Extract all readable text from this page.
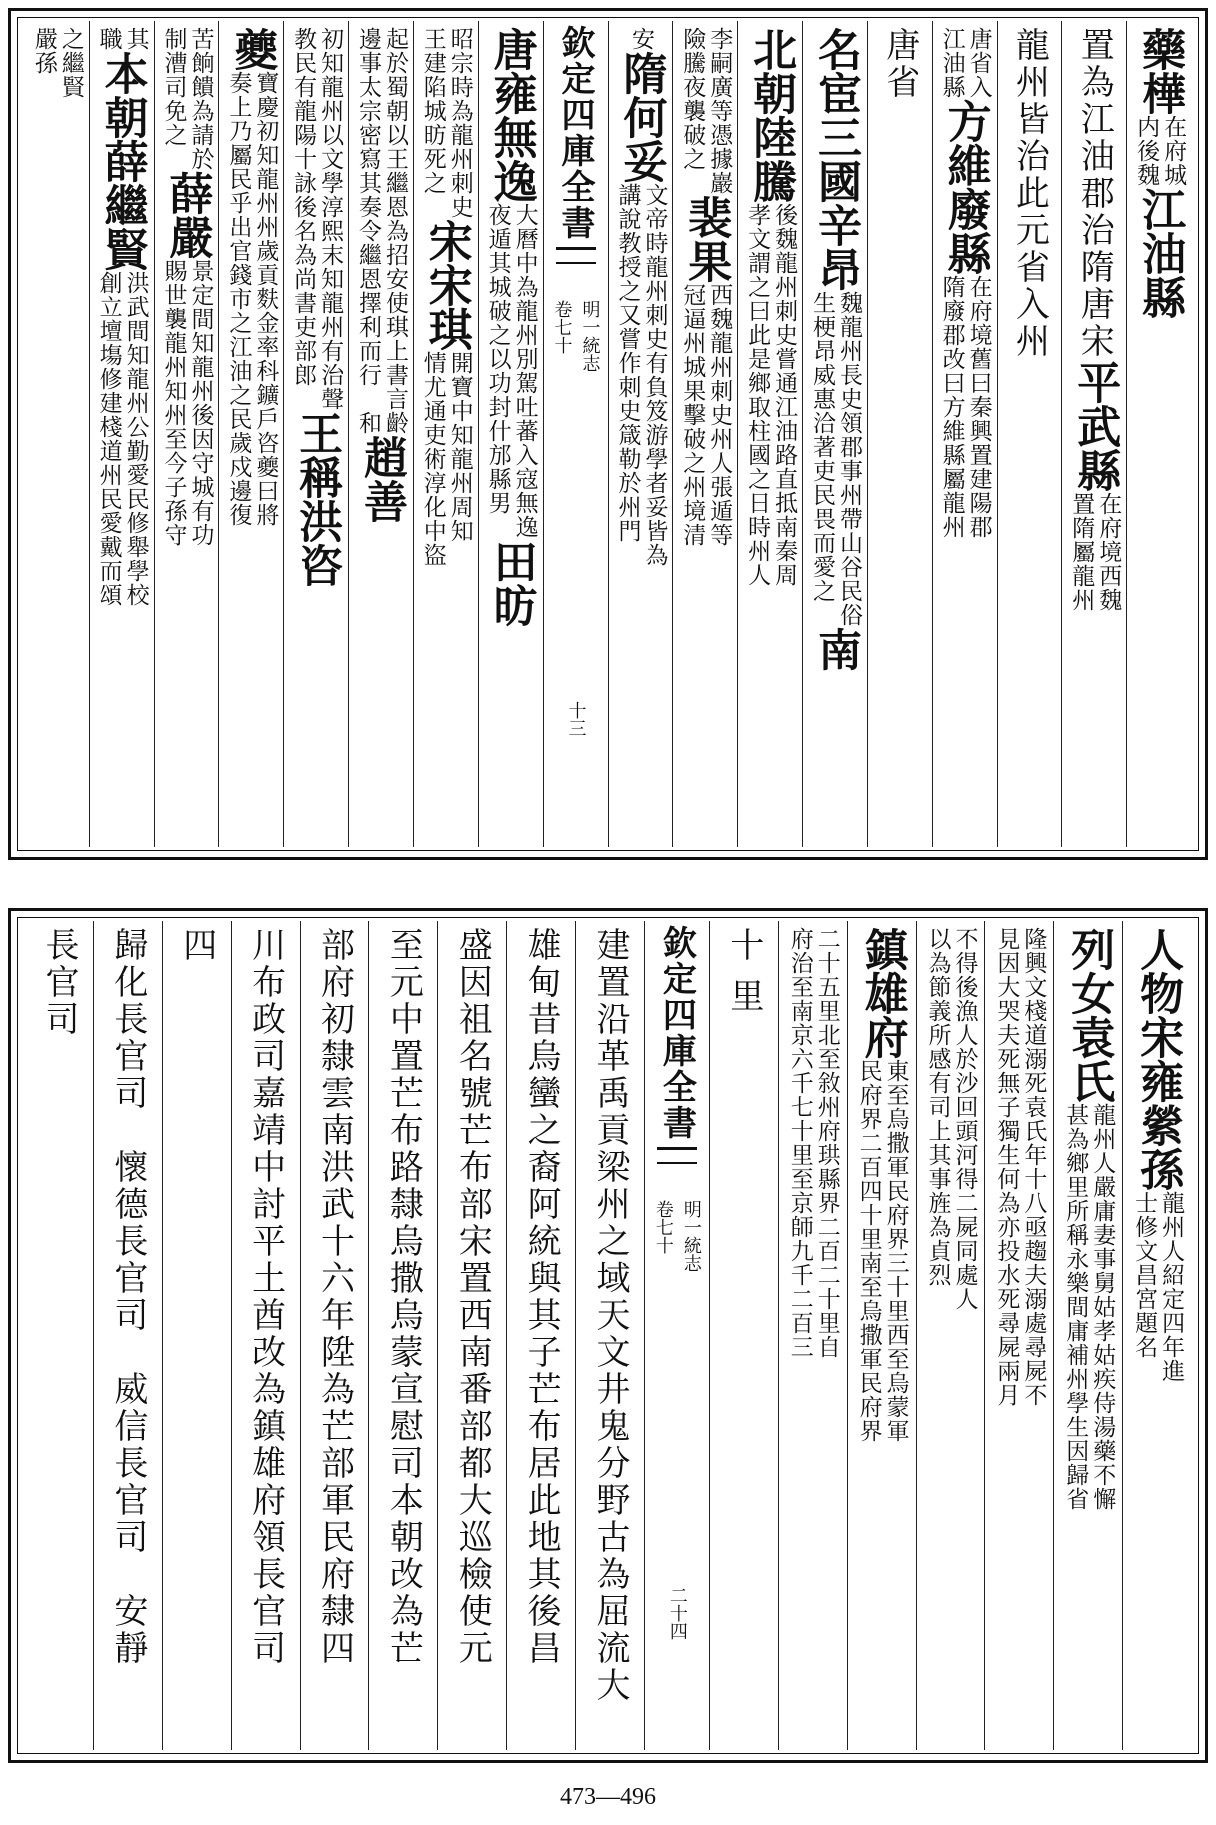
藥
樺
在府城
内後魏
江油縣
置為江油郡治隋唐宋
平武縣
在府境西魏
置隋屬龍州
龍州皆治此元省入州
唐省入
江油縣
方維廢縣
在府境舊曰秦興置建陽郡
隋廢郡改曰方維縣屬龍州
唐省
名宦三國辛昂
魏龍州長史領郡事州帶山谷民俗
生梗昂威惠洽著吏民畏而愛之
南
北朝陸騰
後魏龍州刺史嘗通江油路直抵南秦周
孝文謂之曰此是鄉取柱國之日時州人
李嗣廣等憑據巖
險騰夜襲破之
裴果
西魏龍州刺史州人張遁等
冠逼州城果擊破之州境清
安
隋何妥
文帝時龍州刺史有負笈游學者妥皆為
講說教授之又嘗作刺史箴勒於州門
欽定四庫全書
明一統志
卷七十
十三
唐雍無逸
大曆中為龍州別駕吐蕃入寇無逸
夜遁其城破之以功封什邡縣男
田昉
昭宗時為龍州刺史
王建陷城昉死之
宋宋琪
開寶中知龍州周知
情尤通吏術淳化中盜
起於蜀朝以王繼恩為招安使琪上書言
邊事太宗密寫其奏令繼恩擇利而行
齡
和
趙善
初知龍州以文學淳熙末知龍州有治聲
教民有龍陽十詠後名為尚書吏部郎
王稱
洪咨
夔
寶慶初知龍州州歲貢麩金率科鑛戶咨夔曰將
奏上乃屬民乎出官錢市之江油之民歲戍邊復
苦餉饋為請於
制漕司免之
薛嚴
景定間知龍州後因守城有功
賜世襲龍州知州至今子孫守
其
職
本朝薛繼賢
洪武間知龍州公勤愛民修舉學校
創立壇塲修建棧道州民愛戴而頌
之繼賢
嚴孫
人物宋雍縈孫
龍州人紹定四年進
士修文昌宮題名
列女袁氏
龍州人嚴庸妻事舅姑孝姑疾侍湯藥不懈
甚為鄉里所稱永樂間庸補州學生因歸省
隆興文棧道溺死袁氏年十八亟趨夫溺處尋屍不
見因大哭夫死無子獨生何為亦投水死尋屍兩月
不得後漁人於沙回頭河得二屍同處人
以為節義所感有司上其事旌為貞烈
鎮雄府
東至烏撒軍民府界三十里西至烏蒙軍
民府界二百四十里南至烏撒軍民府界
二十五里北至敘州府珙縣界二百二十里自
府治至南京六千七十里至京師九千二百三
十
里
欽定四庫全書
明一統志
卷七十
二十四
建置沿革禹貢梁州之域天文井鬼分野古為屈流大
雄甸昔烏蠻之裔阿統與其子芒布居此地其後昌
盛因祖名號芒布部宋置西南番部都大巡檢使元
至元中置芒布路隸烏撒烏蒙宣慰司本朝改為芒
部府初隸雲南洪武十六年陞為芒部軍民府隸四
川布政司嘉靖中討平土酋改為鎮雄府領長官司
四
歸化長官司　懷德長官司　威信長官司　安靜
長官司
473—496
